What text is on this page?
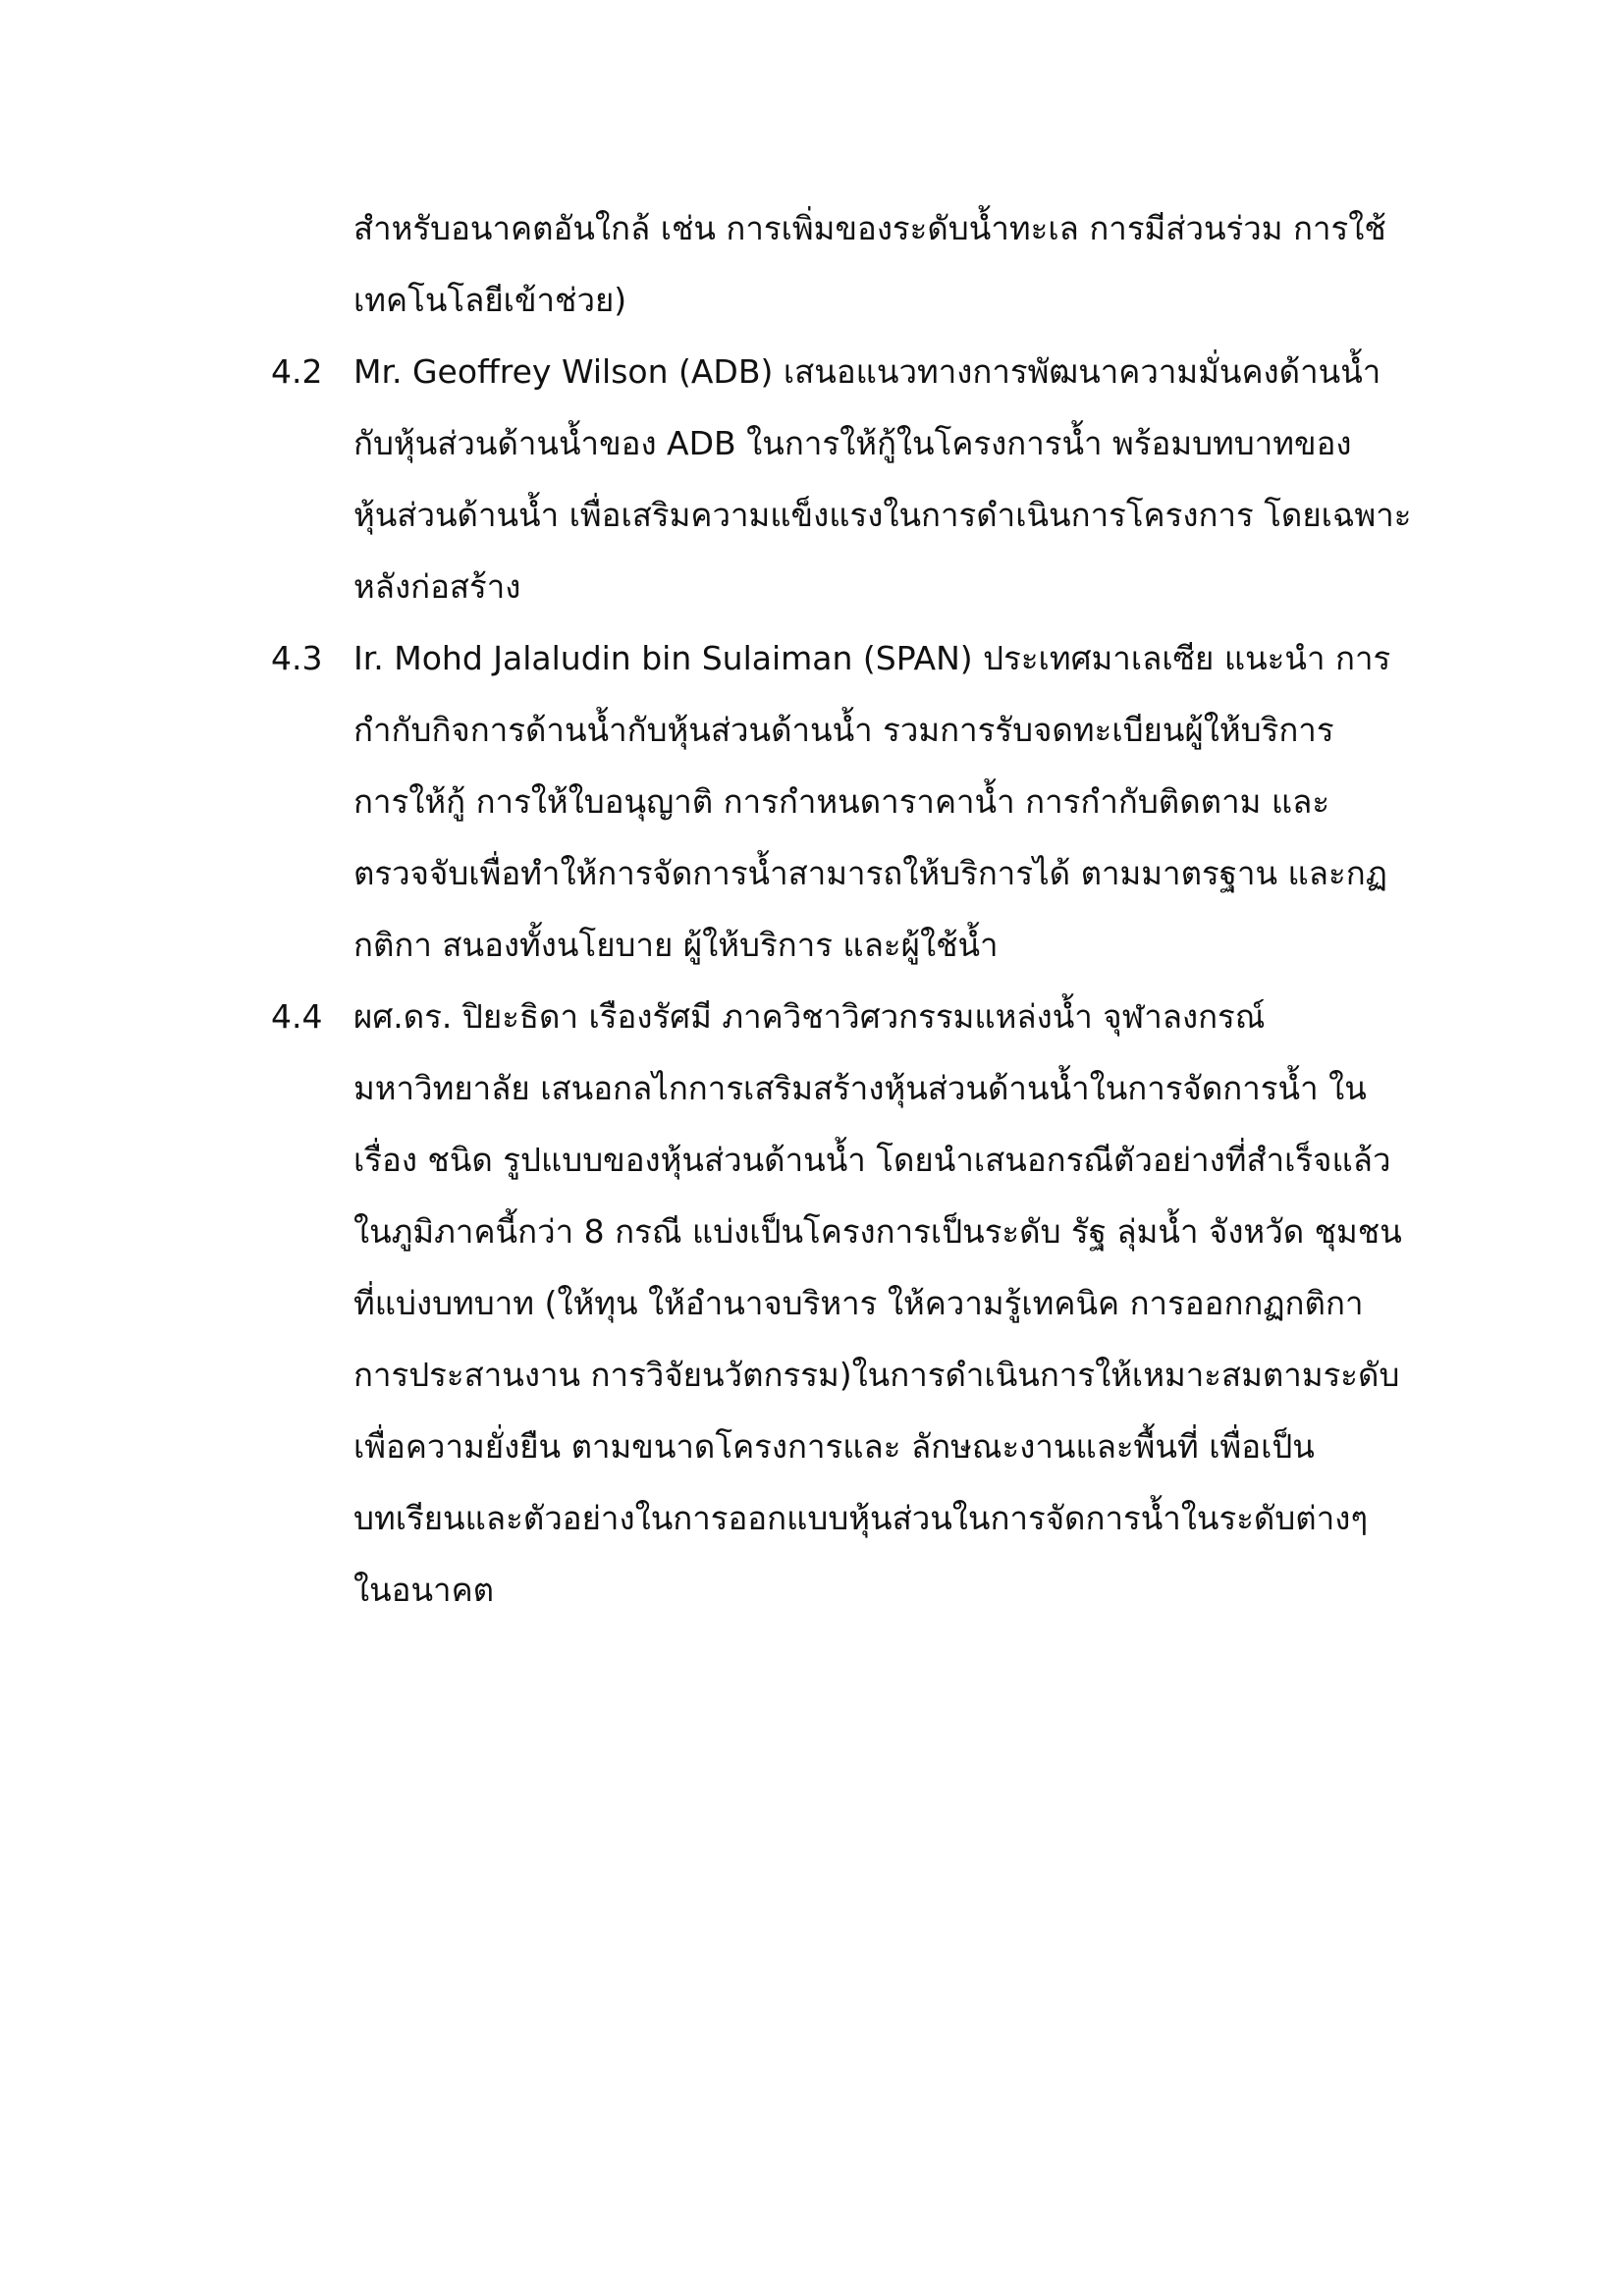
สำหรับอนาคตอันใกล้ เช่น การเพิ่มของระดับน้ำทะเล การมีส่วนร่วม การใช้
เทคโนโลยีเข้าช่วย)
4.2 Mr. Geoffrey Wilson (ADB) เสนอแนวทางการพัฒนาความมั่นคงด้านน้ำ
กับหุ้นส่วนด้านน้ำของ ADB ในการให้กู้ในโครงการน้ำ พร้อมบทบาทของ
หุ้นส่วนด้านน้ำ เพื่อเสริมความแข็งแรงในการดำเนินการโครงการ โดยเฉพาะ
หลังก่อสร้าง
4.3 Ir. Mohd Jalaludin bin Sulaiman (SPAN) ประเทศมาเลเซีย แนะนำ การ
กำกับกิจการด้านน้ำกับหุ้นส่วนด้านน้ำ รวมการรับจดทะเบียนผู้ให้บริการ
การให้กู้ การให้ใบอนุญาติ การกำหนดาราคาน้ำ การกำกับติดตาม และ
ตรวจจับเพื่อทำให้การจัดการน้ำสามารถให้บริการได้ ตามมาตรฐาน และกฏ
กติกา สนองทั้งนโยบาย ผู้ให้บริการ และผู้ใช้น้ำ
4.4 ผศ.ดร. ปิยะธิดา เรืองรัศมี ภาควิชาวิศวกรรมแหล่งน้ำ จุฬาลงกรณ์
มหาวิทยาลัย เสนอกลไกการเสริมสร้างหุ้นส่วนด้านน้ำในการจัดการน้ำ ใน
เรื่อง ชนิด รูปแบบของหุ้นส่วนด้านน้ำ โดยนำเสนอกรณีตัวอย่างที่สำเร็จแล้ว
ในภูมิภาคนี้กว่า 8 กรณี แบ่งเป็นโครงการเป็นระดับ รัฐ ลุ่มน้ำ จังหวัด ชุมชน
ที่แบ่งบทบาท (ให้ทุน ให้อำนาจบริหาร ให้ความรู้เทคนิค การออกกฏกติกา
การประสานงาน การวิจัยนวัตกรรม)ในการดำเนินการให้เหมาะสมตามระดับ
เพื่อความยั่งยืน ตามขนาดโครงการและ ลักษณะงานและพื้นที่ เพื่อเป็น
บทเรียนและตัวอย่างในการออกแบบหุ้นส่วนในการจัดการน้ำในระดับต่างๆ
ในอนาคต
